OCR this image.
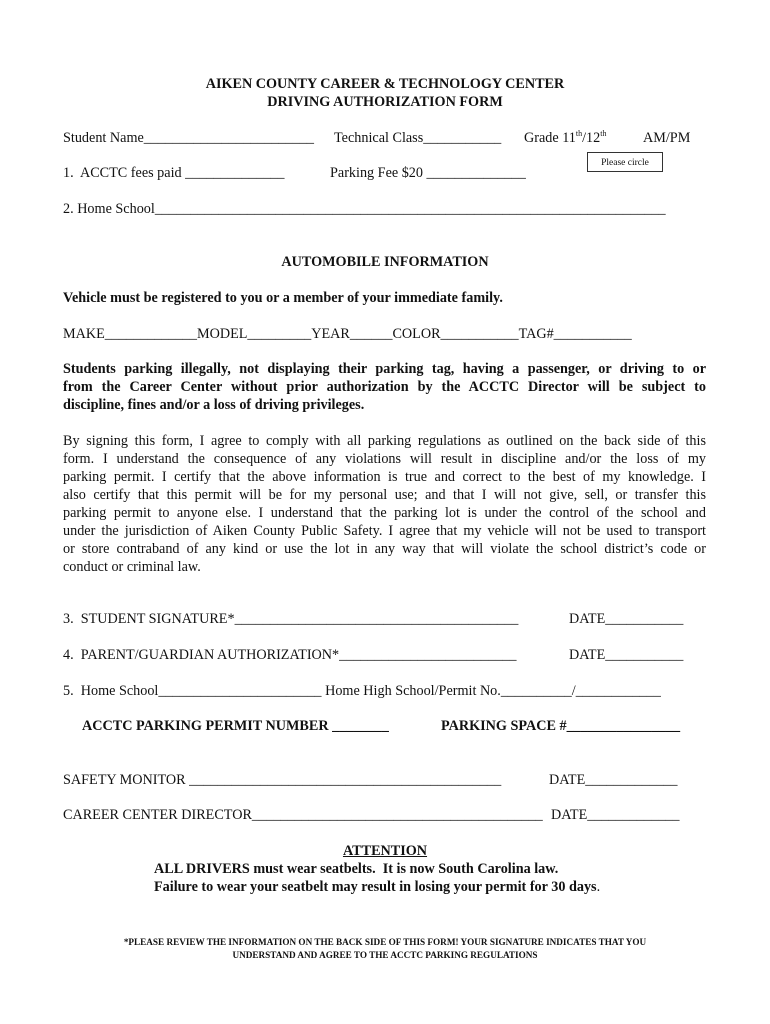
AIKEN COUNTY CAREER & TECHNOLOGY CENTER
DRIVING AUTHORIZATION FORM
Student Name________________________ Technical Class___________ Grade 11th/12th	AM/PM
Please circle
1.  ACCTC fees paid ______________	Parking Fee $20 ______________
2. Home School________________________________________________________________________
AUTOMOBILE INFORMATION
Vehicle must be registered to you or a member of your immediate family.
MAKE_____________MODEL_________YEAR______COLOR___________TAG#___________
Students parking illegally, not displaying their parking tag, having a passenger, or driving to or
from the Career Center without prior authorization by the ACCTC Director will be subject to
discipline, fines and/or a loss of driving privileges.
By signing this form, I agree to comply with all parking regulations as outlined on the back side of this
form. I understand the consequence of any violations will result in discipline and/or the loss of my
parking permit. I certify that the above information is true and correct to the best of my knowledge. I
also certify that this permit will be for my personal use; and that I will not give, sell, or transfer this
parking permit to anyone else. I understand that the parking lot is under the control of the school and
under the jurisdiction of Aiken County Public Safety. I agree that my vehicle will not be used to transport
or store contraband of any kind or use the lot in any way that will violate the school district’s code or
conduct or criminal law.
3.  STUDENT SIGNATURE*________________________________________	DATE___________
4.  PARENT/GUARDIAN AUTHORIZATION*_________________________	DATE___________
5.  Home School_______________________ Home High School/Permit No.__________/____________
ACCTC PARKING PERMIT NUMBER ________	PARKING SPACE #________________
SAFETY MONITOR ____________________________________________	DATE_____________
CAREER CENTER DIRECTOR_________________________________________ DATE_____________
ATTENTION
ALL DRIVERS must wear seatbelts.  It is now South Carolina law.
Failure to wear your seatbelt may result in losing your permit for 30 days.
*PLEASE REVIEW THE INFORMATION ON THE BACK SIDE OF THIS FORM! YOUR SIGNATURE INDICATES THAT YOU
UNDERSTAND AND AGREE TO THE ACCTC PARKING REGULATIONS
